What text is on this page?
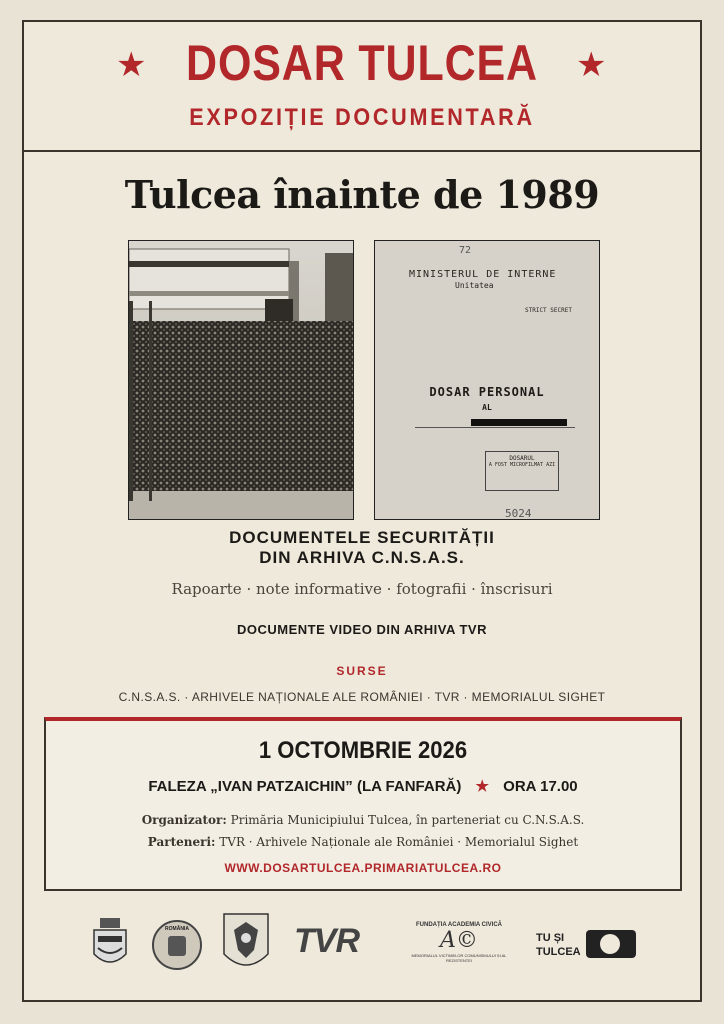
★	★
DOSAR TULCEA
EXPOZIȚIE DOCUMENTARĂ
Tulcea înainte de 1989
72
MINISTERUL DE INTERNE
Unitatea
STRICT SECRET
DOSAR PERSONAL
AL
DOSARUL
A FOST MICROFILMAT AZI
5024
DOCUMENTELE SECURITĂȚII
DIN ARHIVA C.N.S.A.S.
Rapoarte · note informative · fotografii · înscrisuri
DOCUMENTE VIDEO DIN ARHIVA TVR
SURSE
C.N.S.A.S. · ARHIVELE NAȚIONALE ALE ROMÂNIEI · TVR · MEMORIALUL SIGHET
1 OCTOMBRIE 2026
FALEZA „IVAN PATZAICHIN” (LA FANFARĂ) ★ ORA 17.00
Organizator: Primăria Municipiului Tulcea, în parteneriat cu C.N.S.A.S.
Parteneri: TVR · Arhivele Naționale ale României · Memorialul Sighet
WWW.DOSARTULCEA.PRIMARIATULCEA.RO
ROMÂNIA	TVR	FUNDAȚIA ACADEMIA CIVICĂ
A©
MEMORIALUL VICTIMELOR COMUNISMULUI ȘI AL REZISTENȚEI
TU ȘI
TULCEA
